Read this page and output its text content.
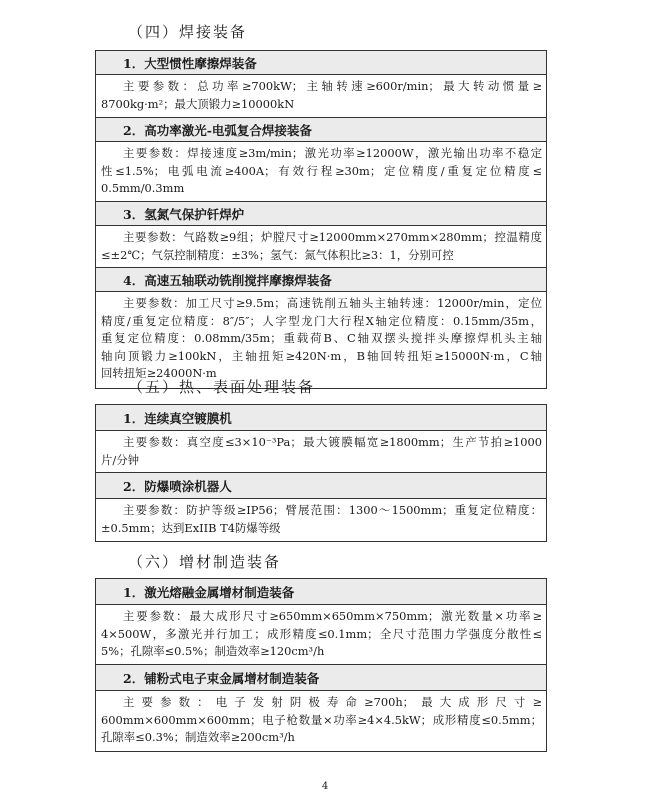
（四）焊接装备
1．大型惯性摩擦焊装备
主要参数：总功率≥700kW；主轴转速≥600r/min；最大转动惯量≥
8700kg·m²；最大顶锻力≥10000kN
2．高功率激光-电弧复合焊接装备
主要参数：焊接速度≥3m/min；激光功率≥12000W，激光输出功率不稳定
性≤1.5%；电弧电流≥400A；有效行程≥30m；定位精度/重复定位精度≤
0.5mm/0.3mm
3．氢氮气保护钎焊炉
主要参数：气路数≥9组；炉膛尺寸≥12000mm×270mm×280mm；控温精度
≤±2℃；气氛控制精度：±3%；氢气：氮气体积比≥3：1，分别可控
4．高速五轴联动铣削搅拌摩擦焊装备
主要参数：加工尺寸≥9.5m；高速铣削五轴头主轴转速：12000r/min，定位
精度/重复定位精度：8″/5″；人字型龙门大行程X轴定位精度：0.15mm/35m，
重复定位精度：0.08mm/35m；重载荷B、C轴双摆头搅拌头摩擦焊机头主轴
轴向顶锻力≥100kN，主轴扭矩≥420N·m，B轴回转扭矩≥15000N·m，C轴
回转扭矩≥24000N·m
（五）热、表面处理装备
1．连续真空镀膜机
主要参数：真空度≤3×10⁻³Pa；最大镀膜幅宽≥1800mm；生产节拍≥1000
片/分钟
2．防爆喷涂机器人
主要参数：防护等级≥IP56；臂展范围：1300～1500mm；重复定位精度：
±0.5mm；达到ExIIB T4防爆等级
（六）增材制造装备
1．激光熔融金属增材制造装备
主要参数：最大成形尺寸≥650mm×650mm×750mm；激光数量×功率≥
4×500W，多激光并行加工；成形精度≤0.1mm；全尺寸范围力学强度分散性≤
5%；孔隙率≤0.5%；制造效率≥120cm³/h
2．铺粉式电子束金属增材制造装备
主要参数：电子发射阴极寿命≥700h；最大成形尺寸≥
600mm×600mm×600mm；电子枪数量×功率≥4×4.5kW；成形精度≤0.5mm；
孔隙率≤0.3%；制造效率≥200cm³/h
4
